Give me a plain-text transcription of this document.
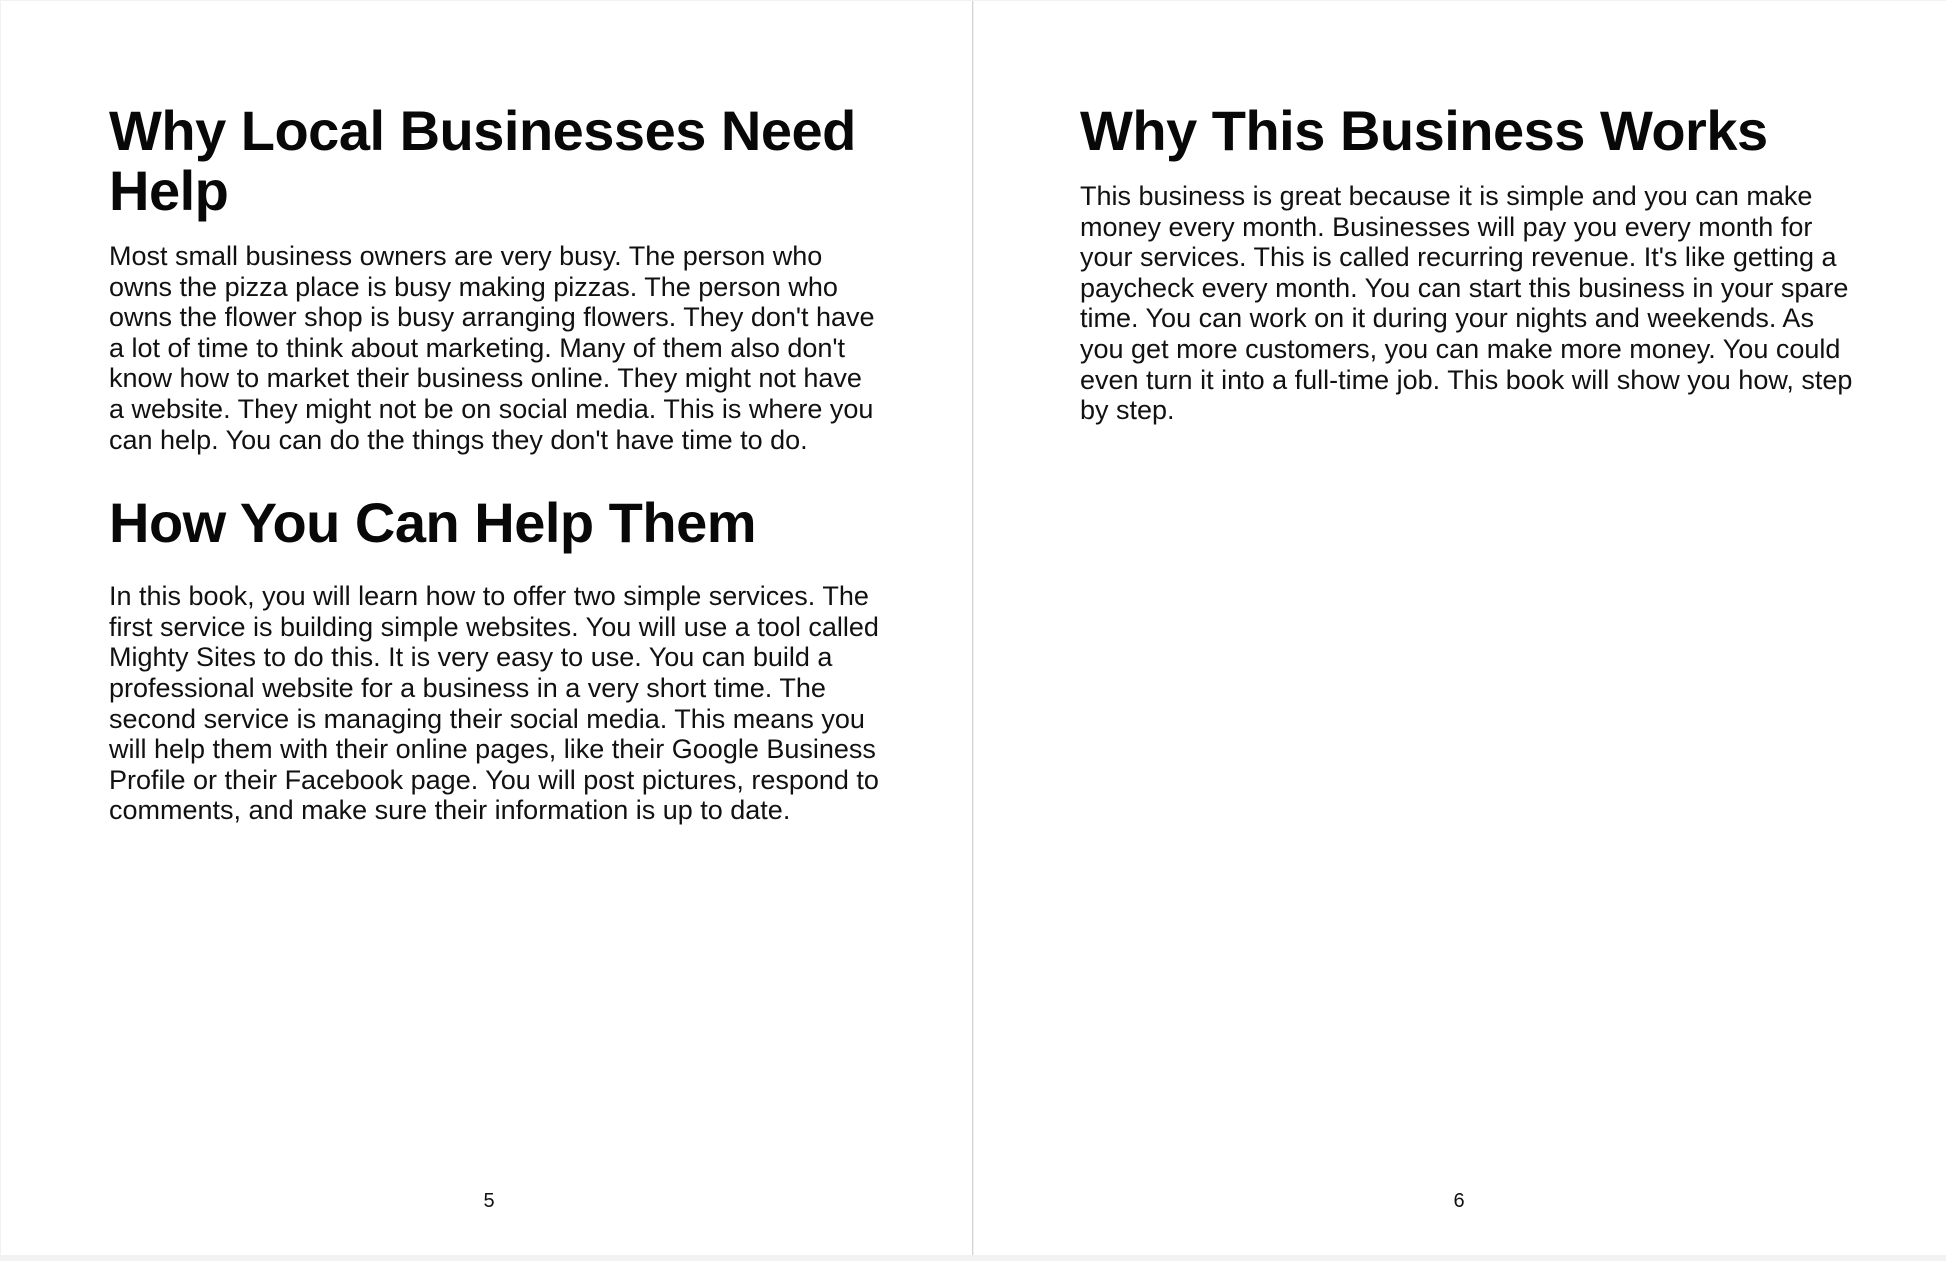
Why Local Businesses Need Help

Most small business owners are very busy. The person who owns the pizza place is busy making pizzas. The person who owns the flower shop is busy arranging flowers. They don't have a lot of time to think about marketing. Many of them also don't know how to market their business online. They might not have a website. They might not be on social media. This is where you can help. You can do the things they don't have time to do.

How You Can Help Them

In this book, you will learn how to offer two simple services. The first service is building simple websites. You will use a tool called Mighty Sites to do this. It is very easy to use. You can build a professional website for a business in a very short time. The second service is managing their social media. This means you will help them with their online pages, like their Google Business Profile or their Facebook page. You will post pictures, respond to comments, and make sure their information is up to date.

5
Why This Business Works

This business is great because it is simple and you can make money every month. Businesses will pay you every month for your services. This is called recurring revenue. It's like getting a paycheck every month. You can start this business in your spare time. You can work on it during your nights and weekends. As you get more customers, you can make more money. You could even turn it into a full-time job. This book will show you how, step by step.

6
